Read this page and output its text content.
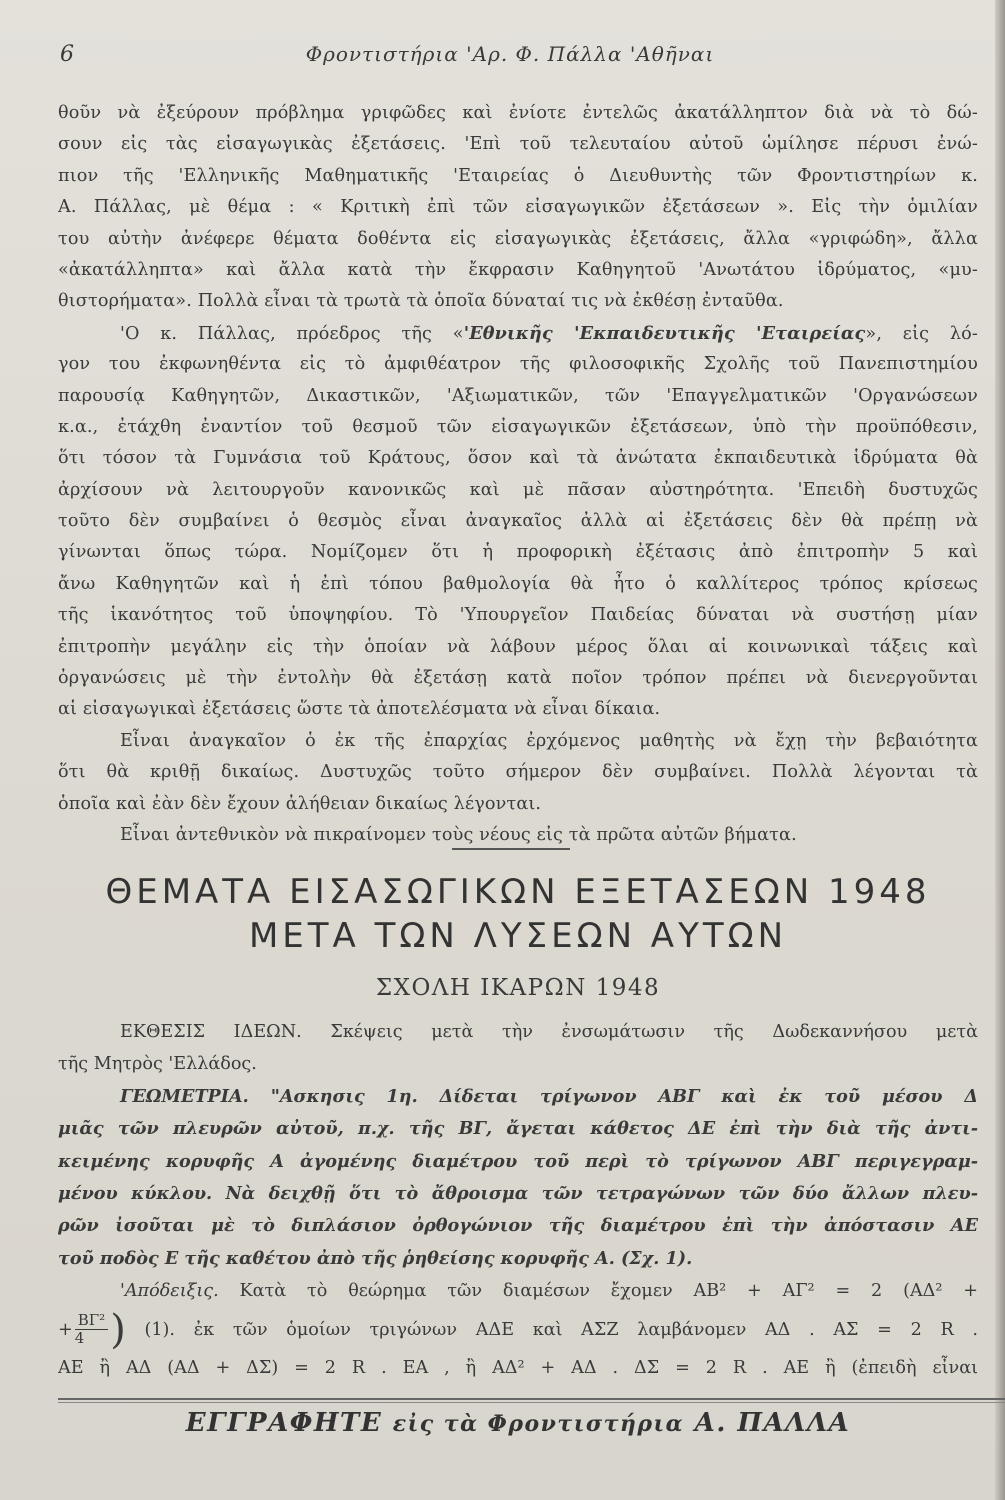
6	Φροντιστήρια 'Αρ. Φ. Πάλλα 'Αθῆναι
θοῦν νὰ ἐξεύρουν πρόβλημα γριφῶδες καὶ ἐνίοτε ἐντελῶς ἀκατάλληπτον διὰ νὰ τὸ δώ-
σουν εἰς τὰς εἰσαγωγικὰς ἐξετάσεις. 'Επὶ τοῦ τελευταίου αὐτοῦ ὡμίλησε πέρυσι ἐνώ-
πιον τῆς 'Ελληνικῆς Μαθηματικῆς 'Εταιρείας ὁ Διευθυντὴς τῶν Φροντιστηρίων κ.
Α. Πάλλας, μὲ θέμα : « Κριτικὴ ἐπὶ τῶν εἰσαγωγικῶν ἐξετάσεων ». Εἰς τὴν ὁμιλίαν
του αὐτὴν ἀνέφερε θέματα δοθέντα εἰς εἰσαγωγικὰς ἐξετάσεις, ἄλλα «γριφώδη», ἄλλα
«ἀκατάλληπτα» καὶ ἄλλα κατὰ τὴν ἔκφρασιν Καθηγητοῦ 'Ανωτάτου ἱδρύματος, «μυ-
θιστορήματα». Πολλὰ εἶναι τὰ τρωτὰ τὰ ὁποῖα δύναταί τις νὰ ἐκθέσῃ ἐνταῦθα.
'Ο κ. Πάλλας, πρόεδρος τῆς «'Εθνικῆς 'Εκπαιδευτικῆς 'Εταιρείας», εἰς λό-
γον του ἐκφωνηθέντα εἰς τὸ ἀμφιθέατρον τῆς φιλοσοφικῆς Σχολῆς τοῦ Πανεπιστημίου
παρουσίᾳ Καθηγητῶν, Δικαστικῶν, 'Αξιωματικῶν, τῶν 'Επαγγελματικῶν 'Οργανώσεων
κ.α., ἐτάχθη ἐναντίον τοῦ θεσμοῦ τῶν εἰσαγωγικῶν ἐξετάσεων, ὑπὸ τὴν προϋπόθεσιν,
ὅτι τόσον τὰ Γυμνάσια τοῦ Κράτους, ὅσον καὶ τὰ ἀνώτατα ἐκπαιδευτικὰ ἱδρύματα θὰ
ἀρχίσουν νὰ λειτουργοῦν κανονικῶς καὶ μὲ πᾶσαν αὐστηρότητα. 'Επειδὴ δυστυχῶς
τοῦτο δὲν συμβαίνει ὁ θεσμὸς εἶναι ἀναγκαῖος ἀλλὰ αἱ ἐξετάσεις δὲν θὰ πρέπῃ νὰ
γίνωνται ὅπως τώρα. Νομίζομεν ὅτι ἡ προφορικὴ ἐξέτασις ἀπὸ ἐπιτροπὴν 5 καὶ
ἄνω Καθηγητῶν καὶ ἡ ἐπὶ τόπου βαθμολογία θὰ ἦτο ὁ καλλίτερος τρόπος κρίσεως
τῆς ἱκανότητος τοῦ ὑποψηφίου. Τὸ 'Υπουργεῖον Παιδείας δύναται νὰ συστήσῃ μίαν
ἐπιτροπὴν μεγάλην εἰς τὴν ὁποίαν νὰ λάβουν μέρος ὅλαι αἱ κοινωνικαὶ τάξεις καὶ
ὀργανώσεις μὲ τὴν ἐντολὴν θὰ ἐξετάσῃ κατὰ ποῖον τρόπον πρέπει νὰ διενεργοῦνται
αἱ εἰσαγωγικαὶ ἐξετάσεις ὥστε τὰ ἀποτελέσματα νὰ εἶναι δίκαια.
Εἶναι ἀναγκαῖον ὁ ἐκ τῆς ἐπαρχίας ἐρχόμενος μαθητὴς νὰ ἔχῃ τὴν βεβαιότητα
ὅτι θὰ κριθῇ δικαίως. Δυστυχῶς τοῦτο σήμερον δὲν συμβαίνει. Πολλὰ λέγονται τὰ
ὁποῖα καὶ ἐὰν δὲν ἔχουν ἀλήθειαν δικαίως λέγονται.
Εἶναι ἀντεθνικὸν νὰ πικραίνομεν τοὺς νέους εἰς τὰ πρῶτα αὐτῶν βήματα.
ΘΕΜΑΤΑ ΕΙΣΑΣΩΓΙΚΩΝ ΕΞΕΤΑΣΕΩΝ 1948
ΜΕΤΑ ΤΩΝ ΛΥΣΕΩΝ ΑΥΤΩΝ
ΣΧΟΛΗ ΙΚΑΡΩΝ 1948
ΕΚΘΕΣΙΣ ΙΔΕΩΝ. Σκέψεις μετὰ τὴν ἐνσωμάτωσιν τῆς Δωδεκαννήσου μετὰ
τῆς Μητρὸς 'Ελλάδος.
ΓΕΩΜΕΤΡΙΑ. "Ασκησις 1η. Δίδεται τρίγωνον ΑΒΓ καὶ ἐκ τοῦ μέσου Δ
μιᾶς τῶν πλευρῶν αὐτοῦ, π.χ. τῆς ΒΓ, ἄγεται κάθετος ΔΕ ἐπὶ τὴν διὰ τῆς ἀντι-
κειμένης κορυφῆς Α ἀγομένης διαμέτρου τοῦ περὶ τὸ τρίγωνον ΑΒΓ περιγεγραμ-
μένου κύκλου. Νὰ δειχθῇ ὅτι τὸ ἄθροισμα τῶν τετραγώνων τῶν δύο ἄλλων πλευ-
ρῶν ἰσοῦται μὲ τὸ διπλάσιον ὀρθογώνιον τῆς διαμέτρου ἐπὶ τὴν ἀπόστασιν ΑΕ
τοῦ ποδὸς Ε τῆς καθέτου ἀπὸ τῆς ῥηθείσης κορυφῆς Α. (Σχ. 1).
'Απόδειξις. Κατὰ τὸ θεώρημα τῶν διαμέσων ἔχομεν ΑΒ² + ΑΓ² = 2 (ΑΔ² +
+ $\frac{\text{ΒΓ²}}{4}$ ) (1). ἐκ τῶν ὁμοίων τριγώνων ΑΔΕ καὶ ΑΣΖ λαμβάνομεν ΑΔ . ΑΣ = 2 R .
ΑΕ ἢ ΑΔ (ΑΔ + ΔΣ) = 2 R . ΕΑ , ἢ ΑΔ² + ΑΔ . ΔΣ = 2 R . ΑΕ ἢ (ἐπειδὴ εἶναι
ΕΓΓΡΑΦΗΤΕ εἰς τὰ Φροντιστήρια Α. ΠΑΛΛΑ
